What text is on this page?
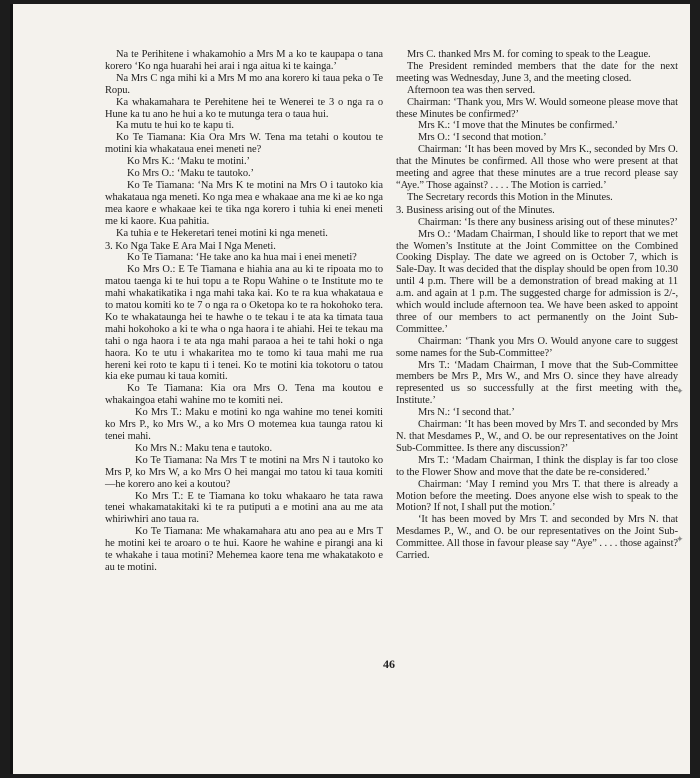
Na te Perihitene i whakamohio a Mrs M a ko te kaupapa o tana korero ‘Ko nga huarahi hei arai i nga aitua ki te kainga.’

Na Mrs C nga mihi ki a Mrs M mo ana korero ki taua peka o Te Ropu.

Ka whakamahara te Perehitene hei te Wenerei te 3 o nga ra o Hune ka tu ano he hui a ko te mutunga tera o taua hui.

Ka mutu te hui ko te kapu ti.

Ko Te Tiamana: Kia Ora Mrs W. Tena ma tetahi o koutou te motini kia whakataua enei meneti ne?

Ko Mrs K.: ‘Maku te motini.’

Ko Mrs O.: ‘Maku te tautoko.’

Ko Te Tiamana: ‘Na Mrs K te motini na Mrs O i tautoko kia whakataua nga meneti. Ko nga mea e whakaae ana me ki ae ko nga mea kaore e whakaae kei te tika nga korero i tuhia ki enei meneti me ki kaore. Kua pahitia.

Ka tuhia e te Hekeretari tenei motini ki nga meneti.

3. Ko Nga Take E Ara Mai I Nga Meneti.

Ko Te Tiamana: ‘He take ano ka hua mai i enei meneti?

Ko Mrs O.: E Te Tiamana e hiahia ana au ki te ripoata mo to matou taenga ki te hui topu a te Ropu Wahine o te Institute mo te mahi whakatikatika i nga mahi taka kai. Ko te ra kua whakataua e to matou komiti ko te 7 o nga ra o Oketopa ko te ra hokohoko tera. Ko te whakataunga hei te hawhe o te tekau i te ata ka timata taua mahi hokohoko a ki te wha o nga haora i te ahiahi. Hei te tekau ma tahi o nga haora i te ata nga mahi paraoa a hei te tahi hoki o nga haora. Ko te utu i whakaritea mo te tomo ki taua mahi me rua hereni kei roto te kapu ti i tenei. Ko te motini kia tokotoru o tatou kia eke pumau ki taua komiti.

Ko Te Tiamana: Kia ora Mrs O. Tena ma koutou e whakaingoa etahi wahine mo te komiti nei.

Ko Mrs T.: Maku e motini ko nga wahine mo tenei komiti ko Mrs P., ko Mrs W., a ko Mrs O motemea kua taunga ratou ki tenei mahi.

Ko Mrs N.: Maku tena e tautoko.

Ko Te Tiamana: Na Mrs T te motini na Mrs N i tautoko ko Mrs P, ko Mrs W, a ko Mrs O hei mangai mo tatou ki taua komiti—he korero ano kei a koutou?

Ko Mrs T.: E te Tiamana ko toku whakaaro he tata rawa tenei whakamatakitaki ki te ra putiputi a e motini ana au me ata whiriwhiri ano taua ra.

Ko Te Tiamana: Me whakamahara atu ano pea au e Mrs T he motini kei te aroaro o te hui. Kaore he wahine e pirangi ana ki te whakahe i taua motini? Mehemea kaore tena me whakatakoto e au te motini.

Mrs C. thanked Mrs M. for coming to speak to the League.

The President reminded members that the date for the next meeting was Wednesday, June 3, and the meeting closed.

Afternoon tea was then served.

Chairman: ‘Thank you, Mrs W. Would someone please move that these Minutes be confirmed?’

Mrs K.: ‘I move that the Minutes be confirmed.’

Mrs O.: ‘I second that motion.’

Chairman: ‘It has been moved by Mrs K., seconded by Mrs O. that the Minutes be confirmed. All those who were present at that meeting and agree that these minutes are a true record please say “Aye.” Those against? . . . . The Motion is carried.’

The Secretary records this Motion in the Minutes.

3. Business arising out of the Minutes.

Chairman: ‘Is there any business arising out of these minutes?’

Mrs O.: ‘Madam Chairman, I should like to report that we met the Women’s Institute at the Joint Committee on the Combined Cooking Display. The date we agreed on is October 7, which is Sale-Day. It was decided that the display should be open from 10.30 until 4 p.m. There will be a demonstration of bread making at 11 a.m. and again at 1 p.m. The suggested charge for admission is 2/-, which would include afternoon tea. We have been asked to appoint three of our members to act permanently on the Joint Sub-Committee.’

Chairman: ‘Thank you Mrs O. Would anyone care to suggest some names for the Sub-Committee?’

Mrs T.: ‘Madam Chairman, I move that the Sub-Committee members be Mrs P., Mrs W., and Mrs O. since they have already represented us so successfully at the first meeting with the Institute.’

Mrs N.: ‘I second that.’

Chairman: ‘It has been moved by Mrs T. and seconded by Mrs N. that Mesdames P., W., and O. be our representatives on the Joint Sub-Committee. Is there any discussion?’

Mrs T.: ‘Madam Chairman, I think the display is far too close to the Flower Show and move that the date be re-considered.’

Chairman: ‘May I remind you Mrs T. that there is already a Motion before the meeting. Does anyone else wish to speak to the Motion? If not, I shall put the motion.’

‘It has been moved by Mrs T. and seconded by Mrs N. that Mesdames P., W., and O. be our representatives on the Joint Sub-Committee. All those in favour please say “Aye” . . . . those against? Carried.

46
✦
✦
